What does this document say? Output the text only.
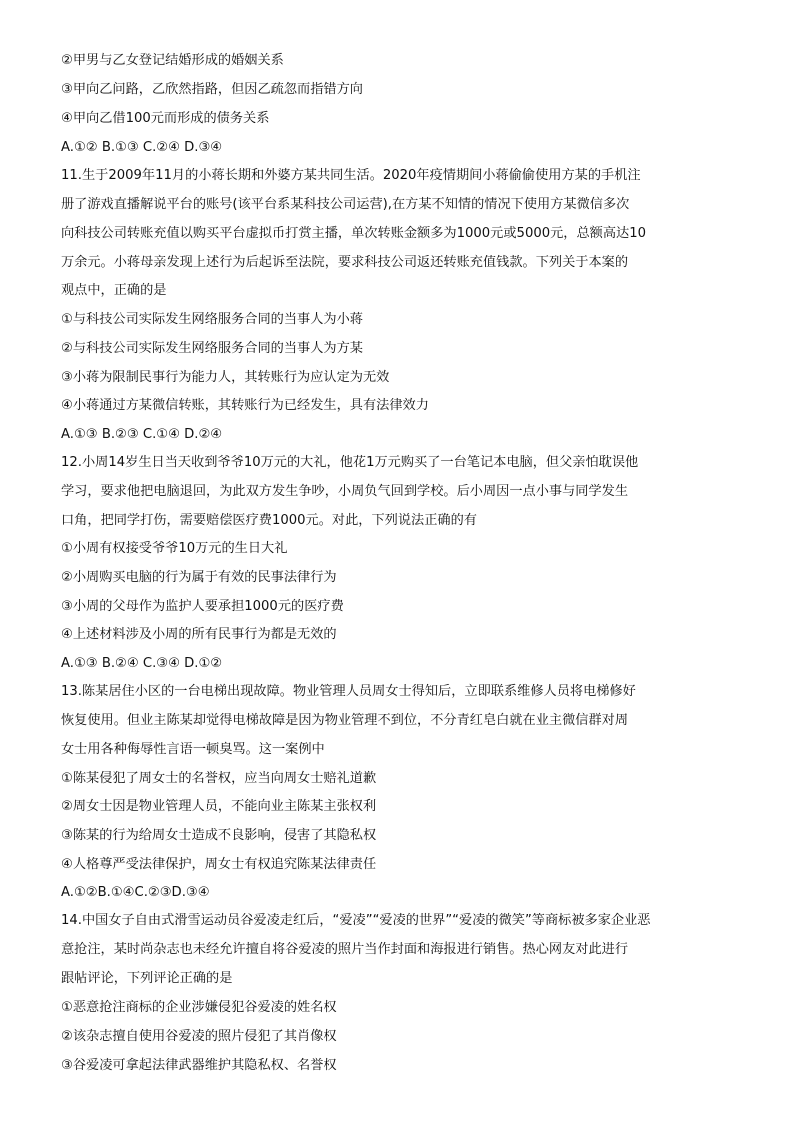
②甲男与乙女登记结婚形成的婚姻关系
③甲向乙问路，乙欣然指路，但因乙疏忽而指错方向
④甲向乙借100元而形成的债务关系
A.①② B.①③ C.②④ D.③④
11.生于2009年11月的小蒋长期和外婆方某共同生活。2020年疫情期间小蒋偷偷使用方某的手机注
册了游戏直播解说平台的账号(该平台系某科技公司运营),在方某不知情的情况下使用方某微信多次
向科技公司转账充值以购买平台虚拟币打赏主播，单次转账金额多为1000元或5000元，总额高达10
万余元。小蒋母亲发现上述行为后起诉至法院，要求科技公司返还转账充值钱款。下列关于本案的
观点中，正确的是
①与科技公司实际发生网络服务合同的当事人为小蒋
②与科技公司实际发生网络服务合同的当事人为方某
③小蒋为限制民事行为能力人，其转账行为应认定为无效
④小蒋通过方某微信转账，其转账行为已经发生，具有法律效力
A.①③ B.②③ C.①④ D.②④
12.小周14岁生日当天收到爷爷10万元的大礼，他花1万元购买了一台笔记本电脑，但父亲怕耽误他
学习，要求他把电脑退回，为此双方发生争吵，小周负气回到学校。后小周因一点小事与同学发生
口角，把同学打伤，需要赔偿医疗费1000元。对此，下列说法正确的有
①小周有权接受爷爷10万元的生日大礼
②小周购买电脑的行为属于有效的民事法律行为
③小周的父母作为监护人要承担1000元的医疗费
④上述材料涉及小周的所有民事行为都是无效的
A.①③ B.②④ C.③④ D.①②
13.陈某居住小区的一台电梯出现故障。物业管理人员周女士得知后，立即联系维修人员将电梯修好
恢复使用。但业主陈某却觉得电梯故障是因为物业管理不到位，不分青红皂白就在业主微信群对周
女士用各种侮辱性言语一顿臭骂。这一案例中
①陈某侵犯了周女士的名誉权，应当向周女士赔礼道歉
②周女士因是物业管理人员，不能向业主陈某主张权利
③陈某的行为给周女士造成不良影响，侵害了其隐私权
④人格尊严受法律保护，周女士有权追究陈某法律责任
A.①②B.①④C.②③D.③④
14.中国女子自由式滑雪运动员谷爱凌走红后，“爱凌”“爱凌的世界”“爱凌的微笑”等商标被多家企业恶
意抢注，某时尚杂志也未经允许擅自将谷爱凌的照片当作封面和海报进行销售。热心网友对此进行
跟帖评论，下列评论正确的是
①恶意抢注商标的企业涉嫌侵犯谷爱凌的姓名权
②该杂志擅自使用谷爱凌的照片侵犯了其肖像权
③谷爱凌可拿起法律武器维护其隐私权、名誉权
